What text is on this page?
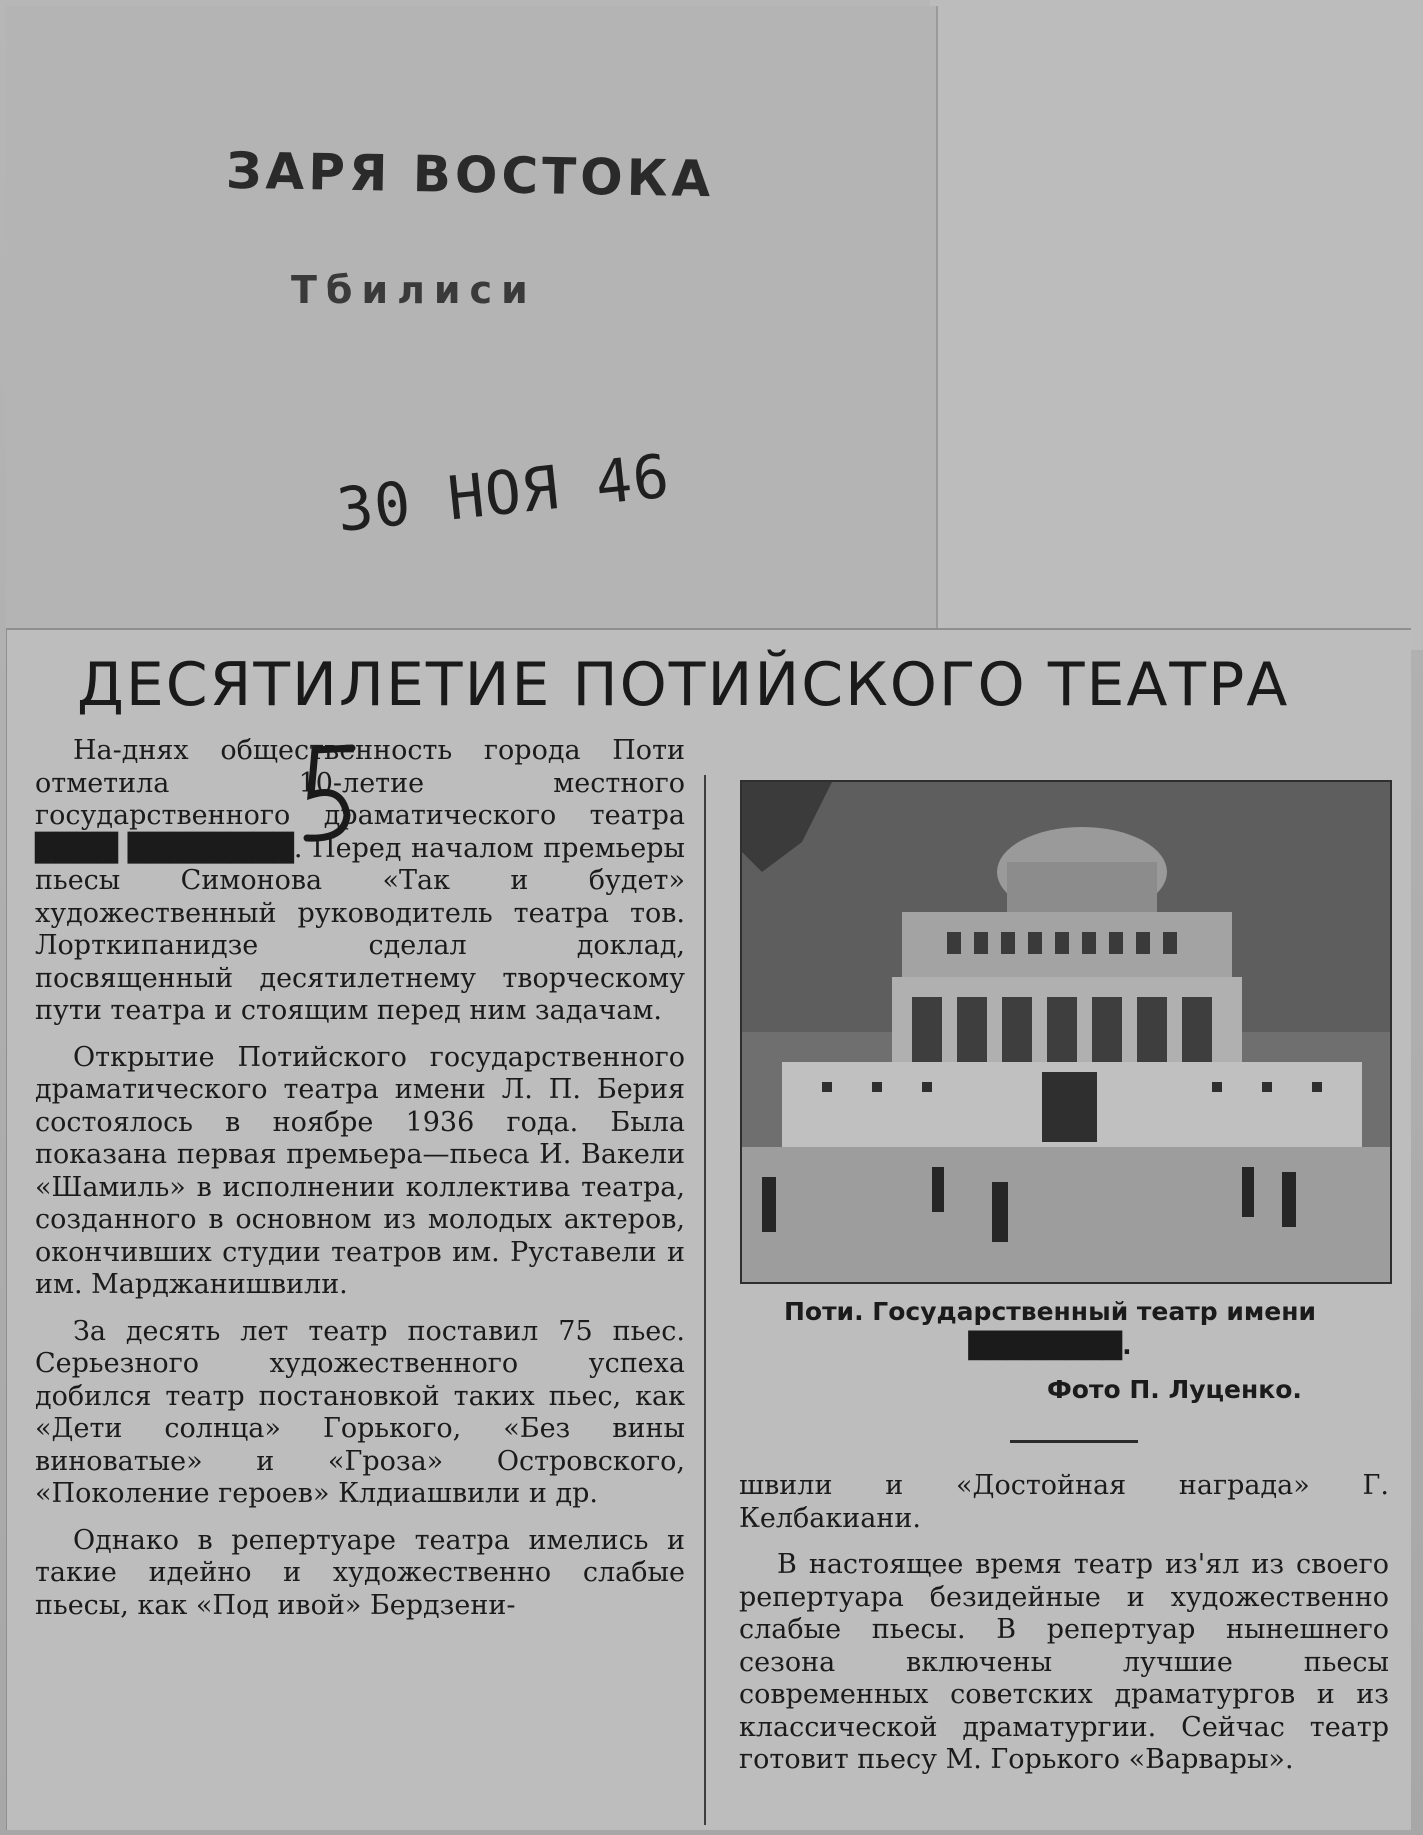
ЗАРЯ ВОСТОКА
Тбилиси
30 НОЯ 46
ДЕСЯТИЛЕТИЕ ПОТИЙСКОГО ТЕАТРА

На-днях общественность города Поти отметила 10-летие местного государственного драматического театра ████ ████████. Перед началом премьеры пьесы Симонова «Так и будет» художественный руководитель театра тов. Лорткипанидзе сделал доклад, посвященный десятилетнему творческому пути театра и стоящим перед ним задачам.

Открытие Потийского государственного драматического театра имени Л. П. Берия состоялось в ноябре 1936 года. Была показана первая премьера—пьеса И. Вакели «Шамиль» в исполнении коллектива театра, созданного в основном из молодых актеров, окончивших студии театров им. Руставели и им. Марджанишвили.

За десять лет театр поставил 75 пьес. Серьезного художественного успеха добился театр постановкой таких пьес, как «Дети солнца» Горького, «Без вины виноватые» и «Гроза» Островского, «Поколение героев» Клдиашвили и др.

Однако в репертуаре театра имелись и такие идейно и художественно слабые пьесы, как «Под ивой» Бердзени-

Поти. Государственный театр имени ████████.
Фото П. Луценко.

швили и «Достойная награда» Г. Келбакиани.

В настоящее время театр из'ял из своего репертуара безидейные и художественно слабые пьесы. В репертуар нынешнего сезона включены лучшие пьесы современных советских драматургов и из классической драматургии. Сейчас театр готовит пьесу М. Горького «Варвары».
